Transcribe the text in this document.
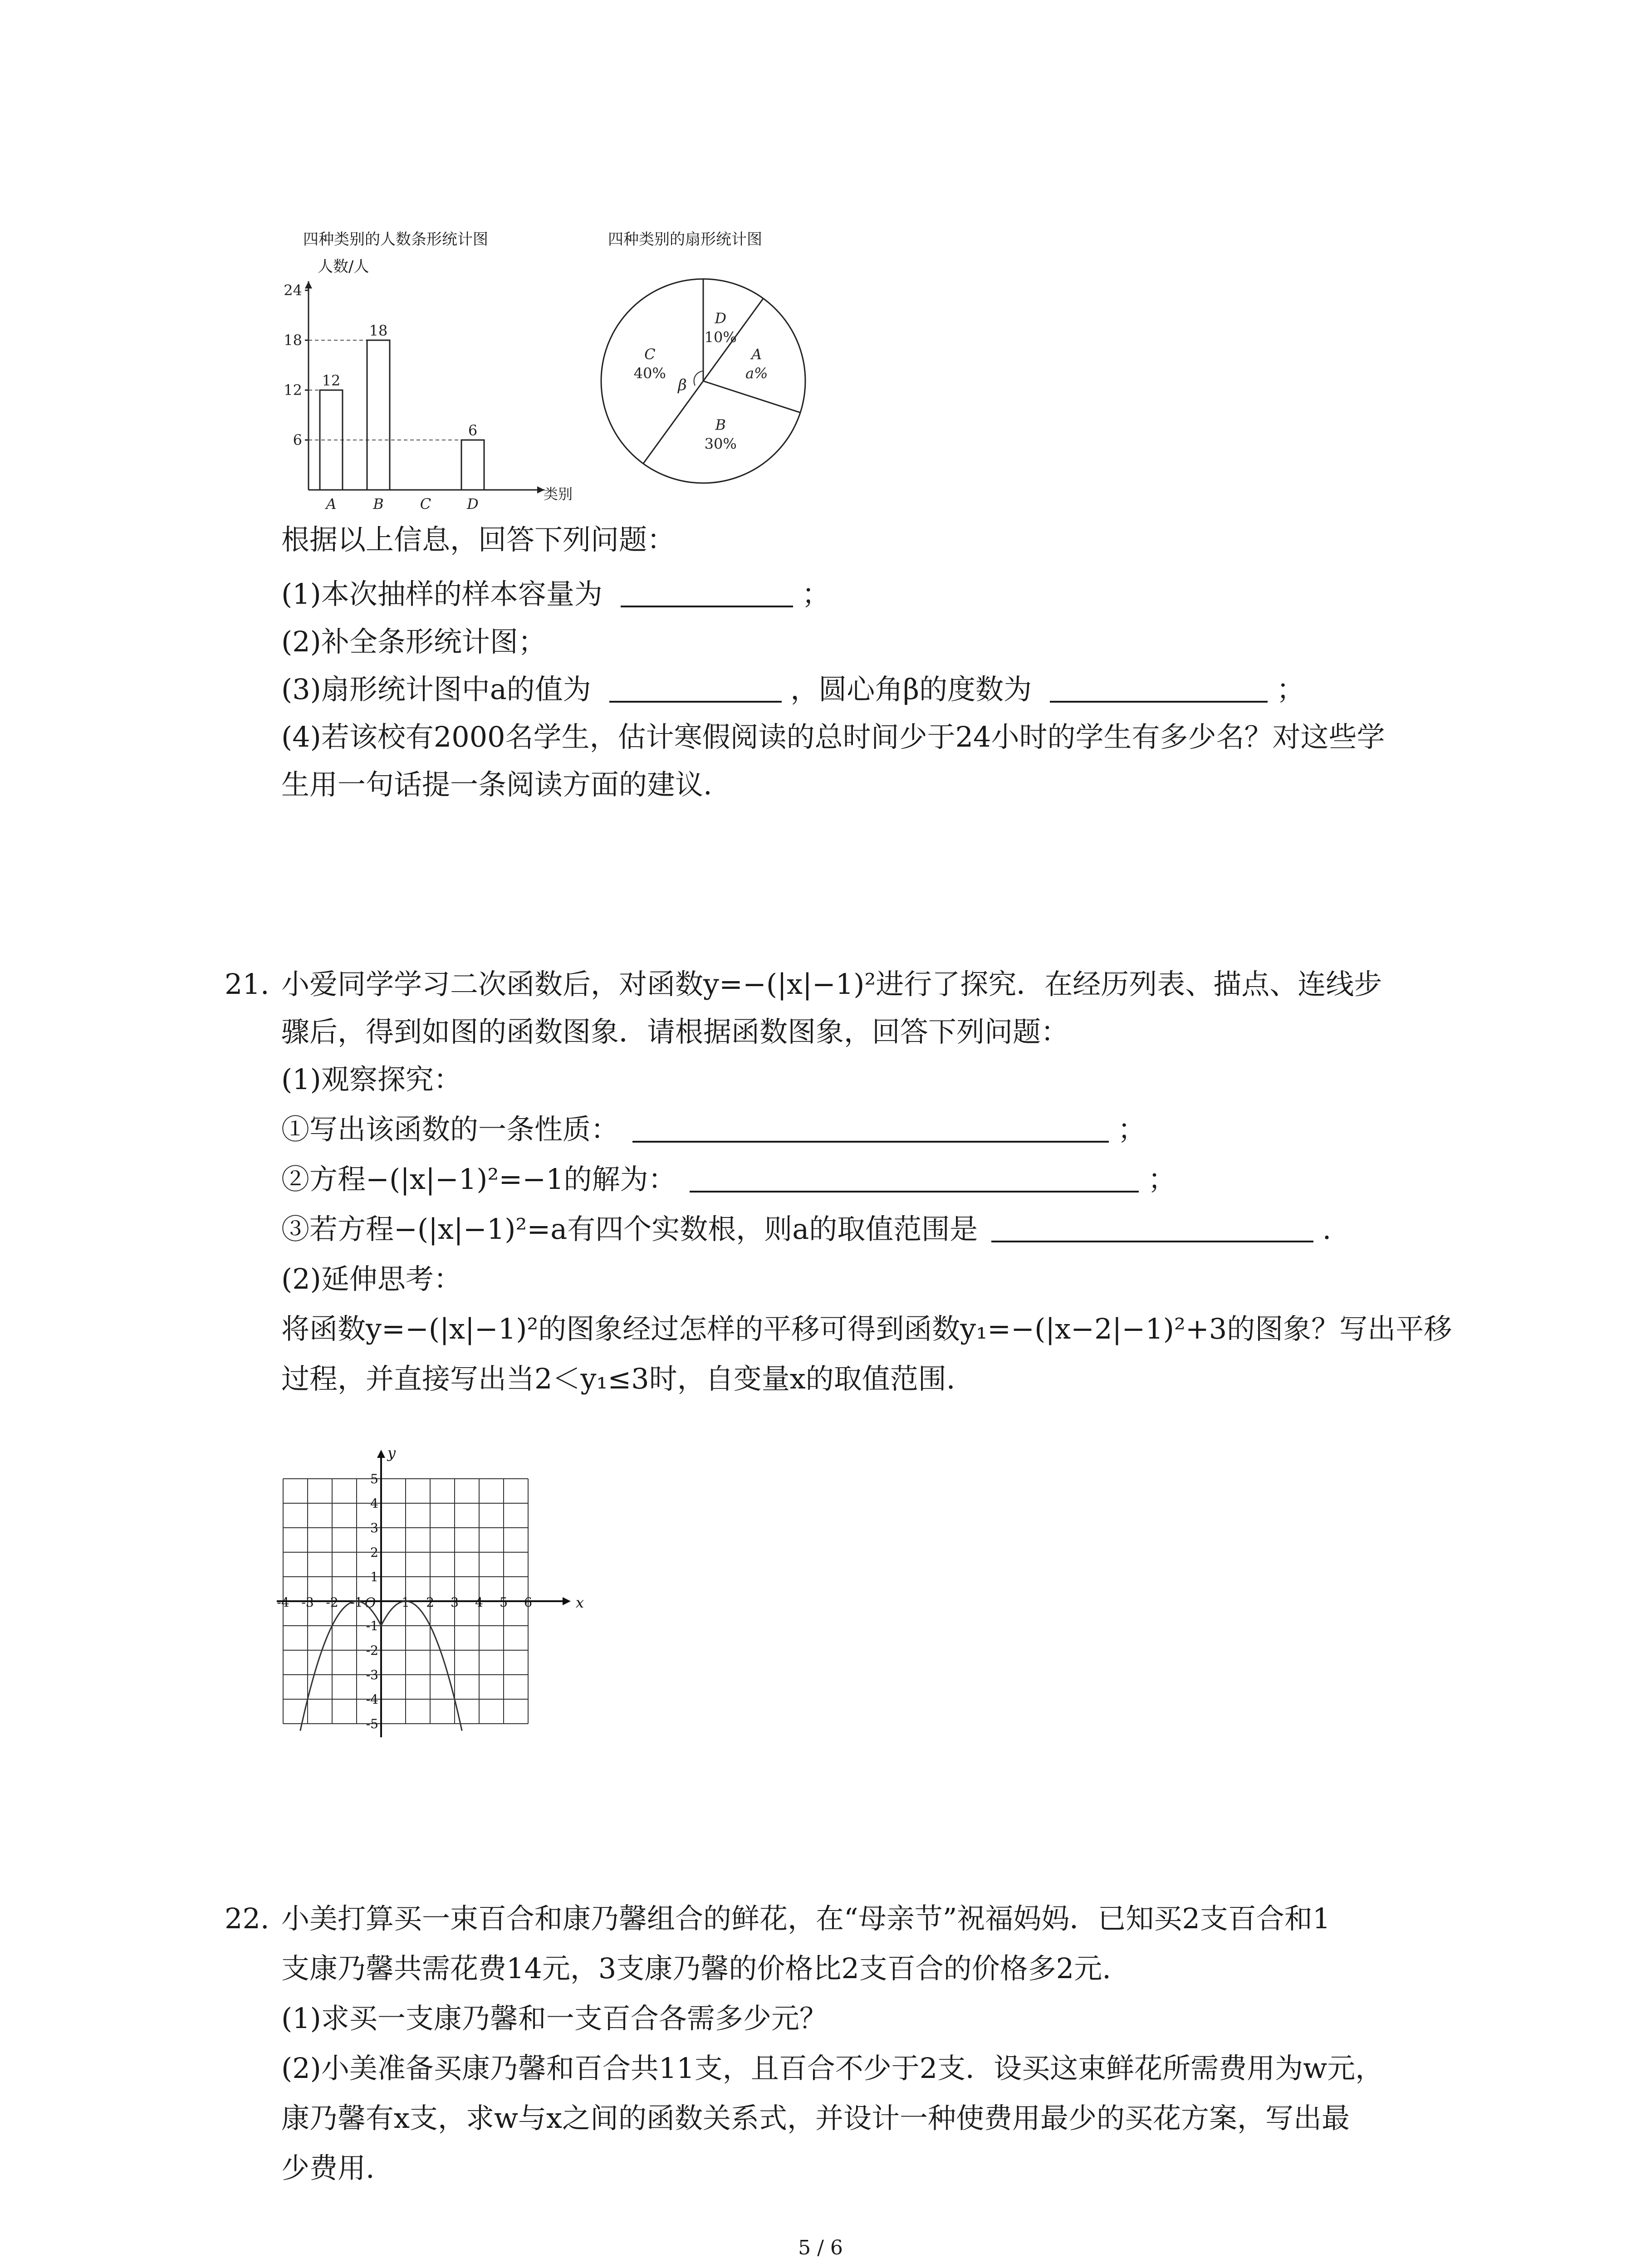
四种类别的人数条形统计图
人数/人
6
12
18
24
A
12
B
18
C D
6
类别
四种类别的扇形统计图
D
10%
A
a%
B
30%
C
40%
β
根据以上信息，回答下列问题：
(1)本次抽样的样本容量为	；
(2)补全条形统计图；
(3)扇形统计图中a的值为	，圆心角β的度数为	；
(4)若该校有2000名学生，估计寒假阅读的总时间少于24小时的学生有多少名？对这些学
生用一句话提一条阅读方面的建议.
21. 小爱同学学习二次函数后，对函数y=−(|x|−1)²进行了探究．在经历列表、描点、连线步
骤后，得到如图的函数图象．请根据函数图象，回答下列问题：
(1)观察探究：
①写出该函数的一条性质：	；
②方程−(|x|−1)²=−1的解为：	；
③若方程−(|x|−1)²=a有四个实数根，则a的取值范围是	.
(2)延伸思考：
将函数y=−(|x|−1)²的图象经过怎样的平移可得到函数y₁=−(|x−2|−1)²+3的图象？写出平移
过程，并直接写出当2＜y₁≤3时，自变量x的取值范围.
x
y
O
-4 -3 -2 -1	1 2 3 4 5 6
5
4
3
2
1
-1
-2
-3
-4
-5
22. 小美打算买一束百合和康乃馨组合的鲜花，在“母亲节”祝福妈妈．已知买2支百合和1
支康乃馨共需花费14元，3支康乃馨的价格比2支百合的价格多2元.
(1)求买一支康乃馨和一支百合各需多少元？
(2)小美准备买康乃馨和百合共11支，且百合不少于2支．设买这束鲜花所需费用为w元，
康乃馨有x支，求w与x之间的函数关系式，并设计一种使费用最少的买花方案，写出最
少费用.
5 / 6
